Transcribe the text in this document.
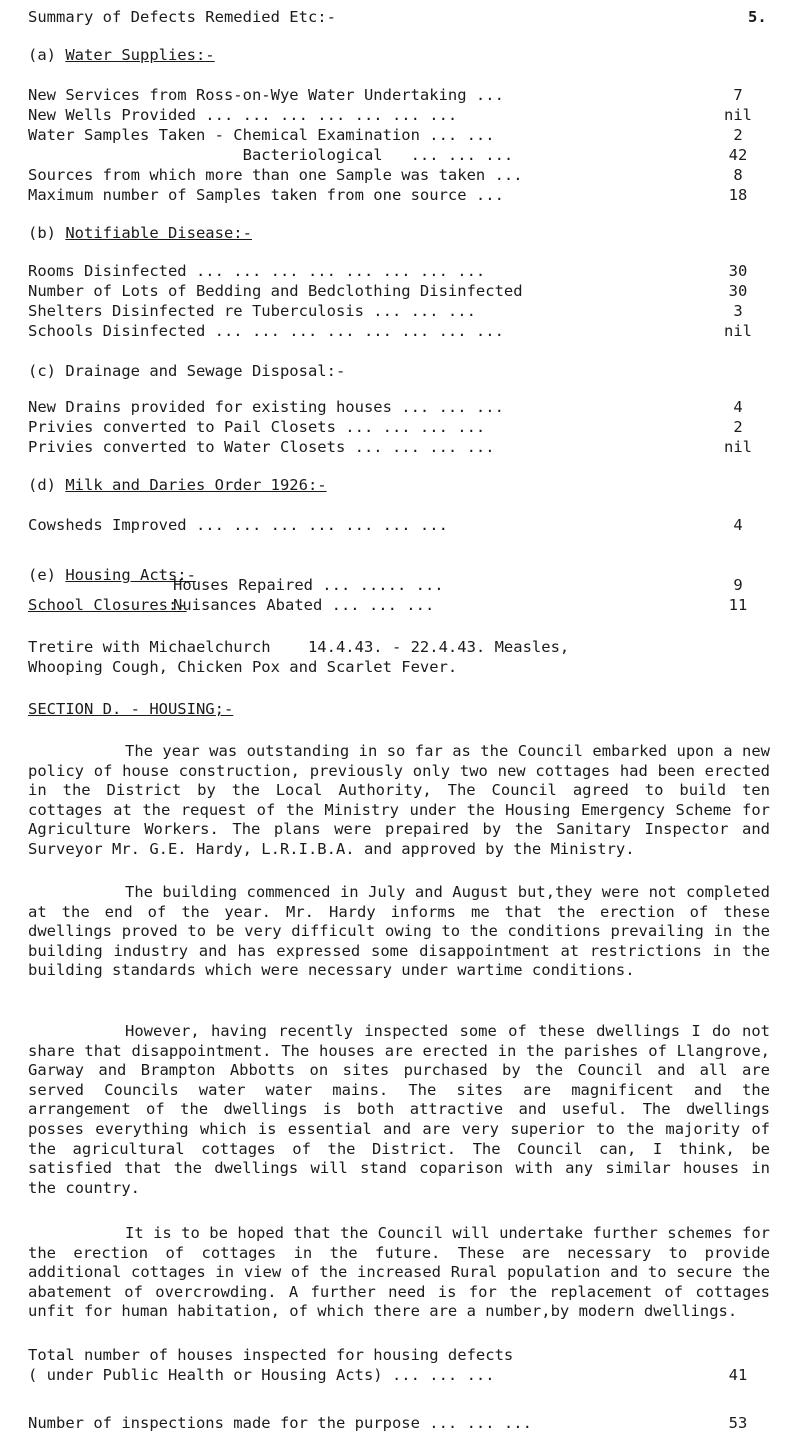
Summary of Defects Remedied Etc:-	5.
(a) Water Supplies:-
New Services from Ross-on-Wye Water Undertaking ...	7
New Wells Provided ... ... ... ... ... ... ...	nil
Water Samples Taken - Chemical Examination ... ...	2
Bacteriological   ... ... ...	42
Sources from which more than one Sample was taken ...	8
Maximum number of Samples taken from one source ...	18
(b) Notifiable Disease:-
Rooms Disinfected ... ... ... ... ... ... ... ...	30
Number of Lots of Bedding and Bedclothing Disinfected	30
Shelters Disinfected re Tuberculosis ... ... ...	3
Schools Disinfected ... ... ... ... ... ... ... ...	nil
(c) Drainage and Sewage Disposal:-
New Drains provided for existing houses ... ... ...	4
Privies converted to Pail Closets ... ... ... ...	2
Privies converted to Water Closets ... ... ... ...	nil
(d) Milk and Daries Order 1926:-
Cowsheds Improved ... ... ... ... ... ... ...	4
(e) Housing Acts:-
Houses Repaired ... ..... ...	9
School Closures:-
Nuisances Abated ... ... ...	11
Tretire with Michaelchurch    14.4.43. - 22.4.43. Measles,
Whooping Cough, Chicken Pox and Scarlet Fever.
SECTION D. - HOUSING;-
The year was outstanding in so far as the Council embarked upon a new policy of house construction, previously only two new cottages had been erected in the District by the Local Authority, The Council agreed to build ten cottages at the request of the Ministry under the Housing Emergency Scheme for Agriculture Workers. The plans were prepaired by the Sanitary Inspector and Surveyor Mr. G.E. Hardy, L.R.I.B.A. and approved by the Ministry.
The building commenced in July and August but,they were not completed at the end of the year. Mr. Hardy informs me that the erection of these dwellings proved to be very difficult owing to the conditions prevailing in the building industry and has expressed some disappointment at restrictions in the building standards which were necessary under wartime conditions.
However, having recently inspected some of these dwellings I do not share that disappointment. The houses are erected in the parishes of Llangrove, Garway and Brampton Abbotts on sites purchased by the Council and all are served Councils water water mains. The sites are magnificent and the arrangement of the dwellings is both attractive and useful. The dwellings posses everything which is essential and are very superior to the majority of the agricultural cottages of the District. The Council can, I think, be satisfied that the dwellings will stand coparison with any similar houses in the country.
It is to be hoped that the Council will undertake further schemes for the erection of cottages in the future. These are necessary to provide additional cottages in view of the increased Rural population and to secure the abatement of overcrowding. A further need is for the replacement of cottages unfit for human habitation, of which there are a number,by modern dwellings.
Total number of houses inspected for housing defects
( under Public Health or Housing Acts) ... ... ...	41
Number of inspections made for the purpose ... ... ...	53
